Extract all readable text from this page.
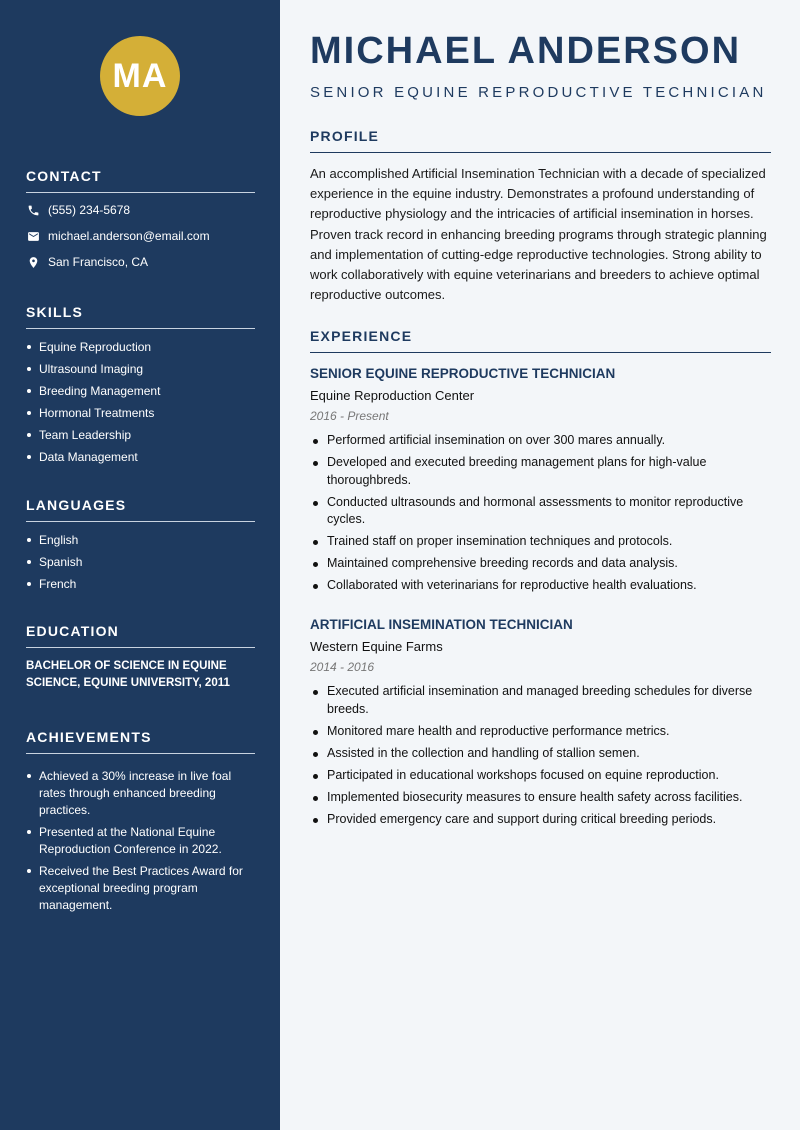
MA
CONTACT
(555) 234-5678
michael.anderson@email.com
San Francisco, CA
SKILLS
Equine Reproduction
Ultrasound Imaging
Breeding Management
Hormonal Treatments
Team Leadership
Data Management
LANGUAGES
English
Spanish
French
EDUCATION
BACHELOR OF SCIENCE IN EQUINE SCIENCE, EQUINE UNIVERSITY, 2011
ACHIEVEMENTS
Achieved a 30% increase in live foal rates through enhanced breeding practices.
Presented at the National Equine Reproduction Conference in 2022.
Received the Best Practices Award for exceptional breeding program management.
MICHAEL ANDERSON
SENIOR EQUINE REPRODUCTIVE TECHNICIAN
PROFILE

An accomplished Artificial Insemination Technician with a decade of specialized experience in the equine industry. Demonstrates a profound understanding of reproductive physiology and the intricacies of artificial insemination in horses. Proven track record in enhancing breeding programs through strategic planning and implementation of cutting-edge reproductive technologies. Strong ability to work collaboratively with equine veterinarians and breeders to achieve optimal reproductive outcomes.

EXPERIENCE
SENIOR EQUINE REPRODUCTIVE TECHNICIAN
Equine Reproduction Center
2016 - Present
Performed artificial insemination on over 300 mares annually.
Developed and executed breeding management plans for high-value thoroughbreds.
Conducted ultrasounds and hormonal assessments to monitor reproductive cycles.
Trained staff on proper insemination techniques and protocols.
Maintained comprehensive breeding records and data analysis.
Collaborated with veterinarians for reproductive health evaluations.
ARTIFICIAL INSEMINATION TECHNICIAN
Western Equine Farms
2014 - 2016
Executed artificial insemination and managed breeding schedules for diverse breeds.
Monitored mare health and reproductive performance metrics.
Assisted in the collection and handling of stallion semen.
Participated in educational workshops focused on equine reproduction.
Implemented biosecurity measures to ensure health safety across facilities.
Provided emergency care and support during critical breeding periods.
